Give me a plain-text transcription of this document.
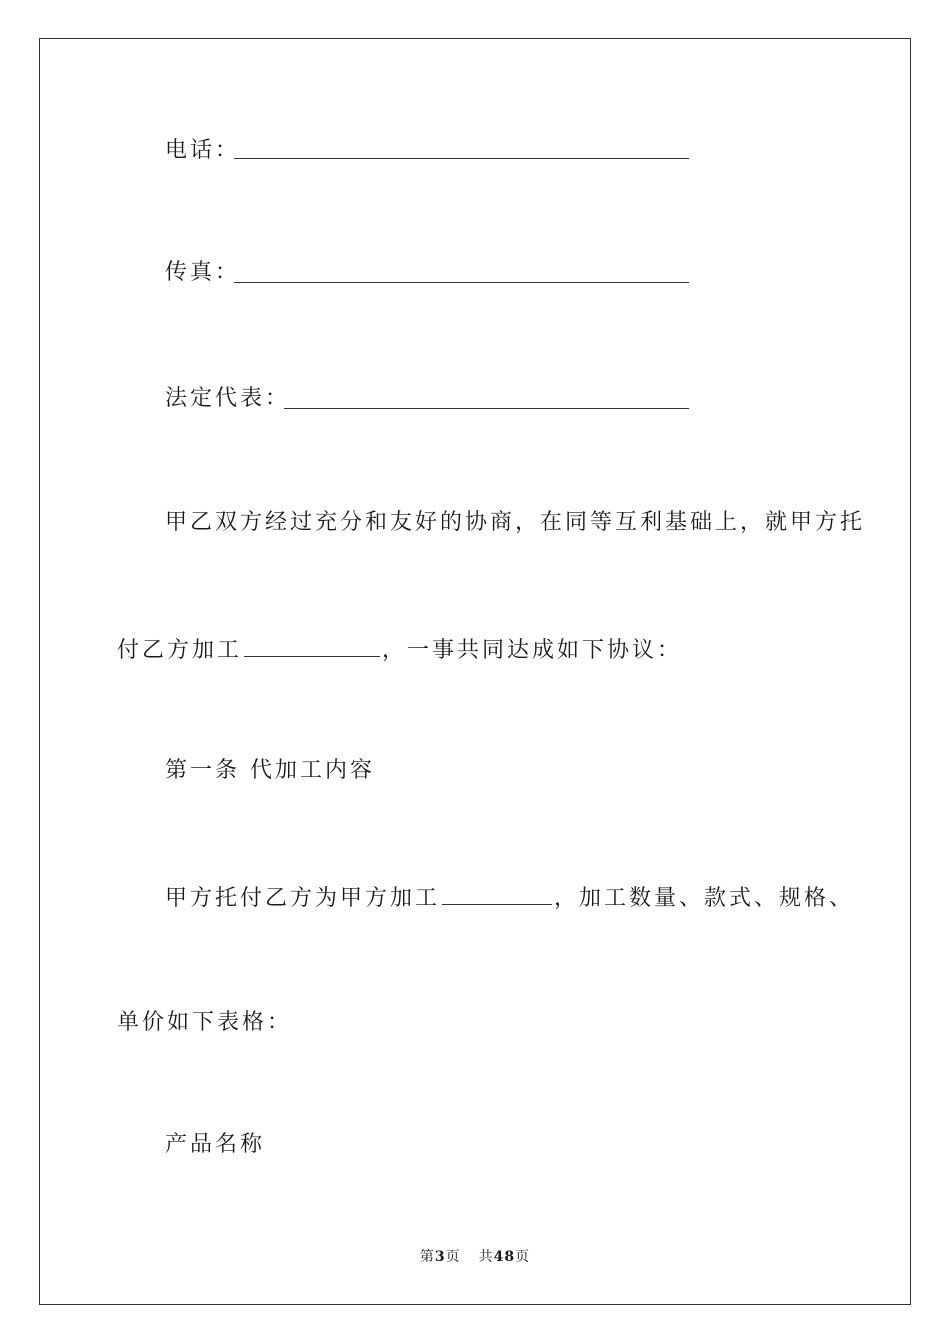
电话：
传真：
法定代表：
甲乙双方经过充分和友好的协商，在同等互利基础上，就甲方托
付乙方加工	，一事共同达成如下协议：
第一条 代加工内容
甲方托付乙方为甲方加工	，加工数量、款式、规格、
单价如下表格：
产品名称
第3页 共48页
